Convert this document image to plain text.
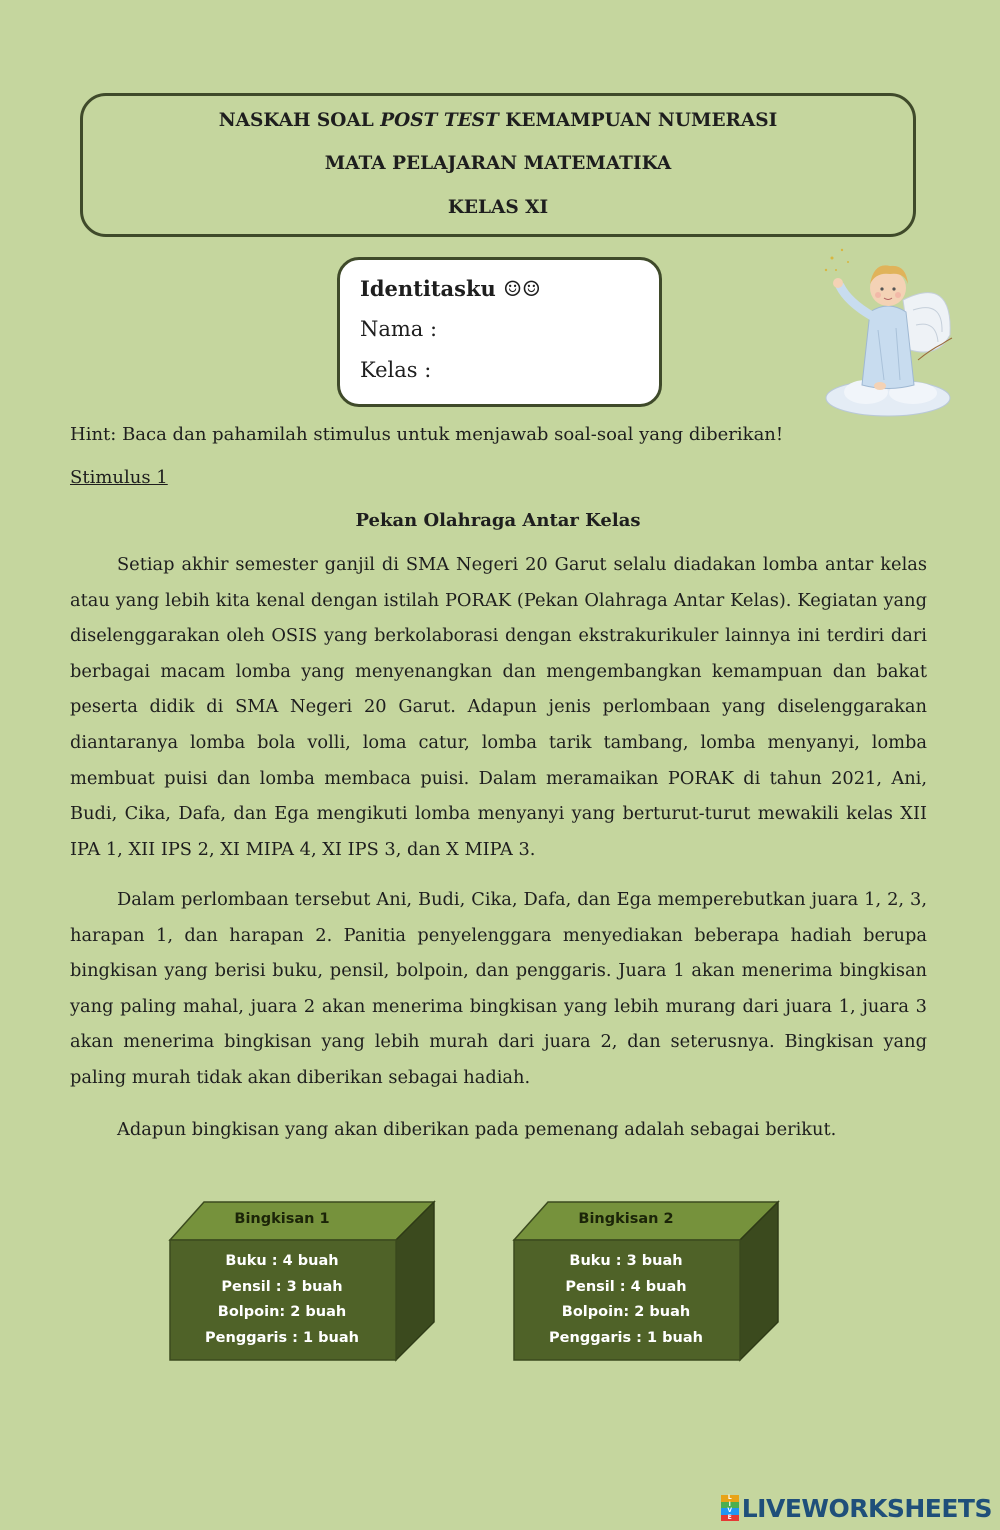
NASKAH SOAL POST TEST KEMAMPUAN NUMERASI
MATA PELAJARAN MATEMATIKA
KELAS XI
Identitasku ☺☺
Nama :
Kelas :
Hint: Baca dan pahamilah stimulus untuk menjawab soal-soal yang diberikan!
Stimulus 1
Pekan Olahraga Antar Kelas

Setiap akhir semester ganjil di SMA Negeri 20 Garut selalu diadakan lomba antar kelas atau yang lebih kita kenal dengan istilah PORAK (Pekan Olahraga Antar Kelas). Kegiatan yang diselenggarakan oleh OSIS yang berkolaborasi dengan ekstrakurikuler lainnya ini terdiri dari berbagai macam lomba yang menyenangkan dan mengembangkan kemampuan dan bakat peserta didik di SMA Negeri 20 Garut. Adapun jenis perlombaan yang diselenggarakan diantaranya lomba bola volli, loma catur, lomba tarik tambang, lomba menyanyi, lomba membuat puisi dan lomba membaca puisi. Dalam meramaikan PORAK di tahun 2021, Ani, Budi, Cika, Dafa, dan Ega mengikuti lomba menyanyi yang berturut-turut mewakili kelas XII IPA 1, XII IPS 2, XI MIPA 4, XI IPS 3, dan X MIPA 3.

Dalam perlombaan tersebut Ani, Budi, Cika, Dafa, dan Ega memperebutkan juara 1, 2, 3, harapan 1, dan harapan 2. Panitia penyelenggara menyediakan beberapa hadiah berupa bingkisan yang berisi buku, pensil, bolpoin, dan penggaris. Juara 1 akan menerima bingkisan yang paling mahal, juara 2 akan menerima bingkisan yang lebih murang dari juara 1, juara 3 akan menerima bingkisan yang lebih murah dari juara 2, dan seterusnya. Bingkisan yang paling murah tidak akan diberikan sebagai hadiah.

Adapun bingkisan yang akan diberikan pada pemenang adalah sebagai berikut.

Bingkisan 1
Buku : 4 buah
Pensil : 3 buah
Bolpoin: 2 buah
Penggaris : 1 buah
Bingkisan 2
Buku : 3 buah
Pensil : 4 buah
Bolpoin: 2 buah
Penggaris : 1 buah
L
I
V
E LIVEWORKSHEETS
